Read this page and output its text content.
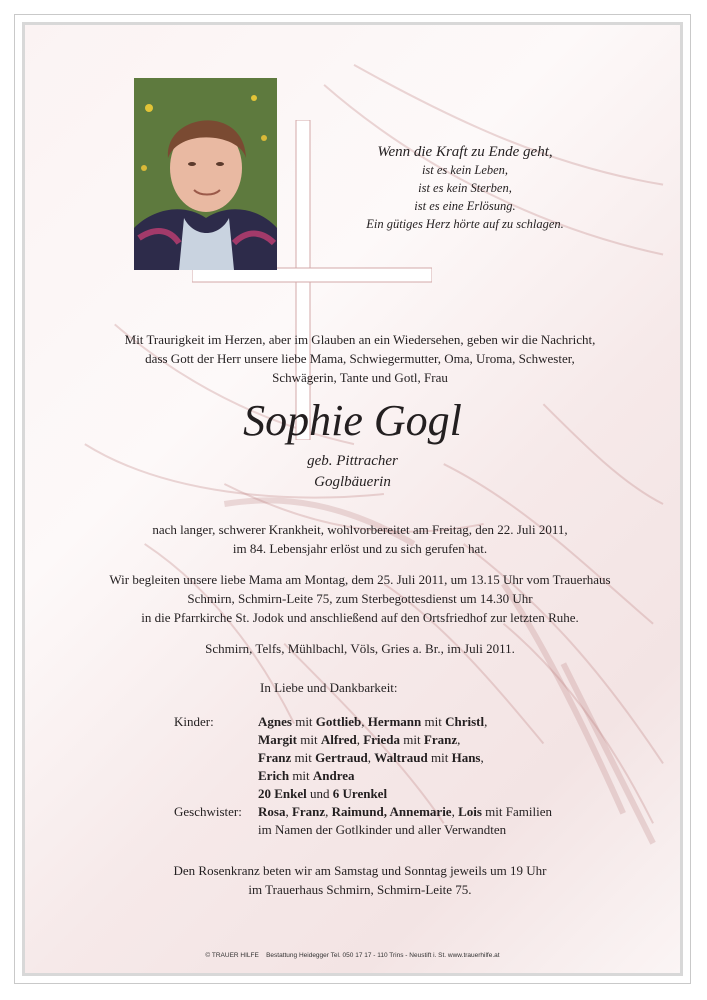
Wenn die Kraft zu Ende geht,
ist es kein Leben,
ist es kein Sterben,
ist es eine Erlösung.
Ein gütiges Herz hörte auf zu schlagen.
Mit Traurigkeit im Herzen, aber im Glauben an ein Wiedersehen, geben wir die Nachricht,
dass Gott der Herr unsere liebe Mama, Schwiegermutter, Oma, Uroma, Schwester,
Schwägerin, Tante und Gotl, Frau
Sophie Gogl
geb. Pittracher
Goglbäuerin
nach langer, schwerer Krankheit, wohlvorbereitet am Freitag, den 22. Juli 2011,
im 84. Lebensjahr erlöst und zu sich gerufen hat.
Wir begleiten unsere liebe Mama am Montag, dem 25. Juli 2011, um 13.15 Uhr vom Trauerhaus
Schmirn, Schmirn-Leite 75, zum Sterbegottesdienst um 14.30 Uhr
in die Pfarrkirche St. Jodok und anschließend auf den Ortsfriedhof zur letzten Ruhe.
Schmirn, Telfs, Mühlbachl, Völs, Gries a. Br., im Juli 2011.
In Liebe und Dankbarkeit:
Kinder:	Agnes mit Gottlieb, Hermann mit Christl,
Margit mit Alfred, Frieda mit Franz,
Franz mit Gertraud, Waltraud mit Hans,
Erich mit Andrea
20 Enkel und 6 Urenkel
Geschwister: Rosa, Franz, Raimund, Annemarie, Lois mit Familien
im Namen der Gotlkinder und aller Verwandten
Den Rosenkranz beten wir am Samstag und Sonntag jeweils um 19 Uhr
im Trauerhaus Schmirn, Schmirn-Leite 75.
© TRAUER HILFE Bestattung Heidegger Tel. 050 17 17 - 110 Trins - Neustift i. St. www.trauerhilfe.at
